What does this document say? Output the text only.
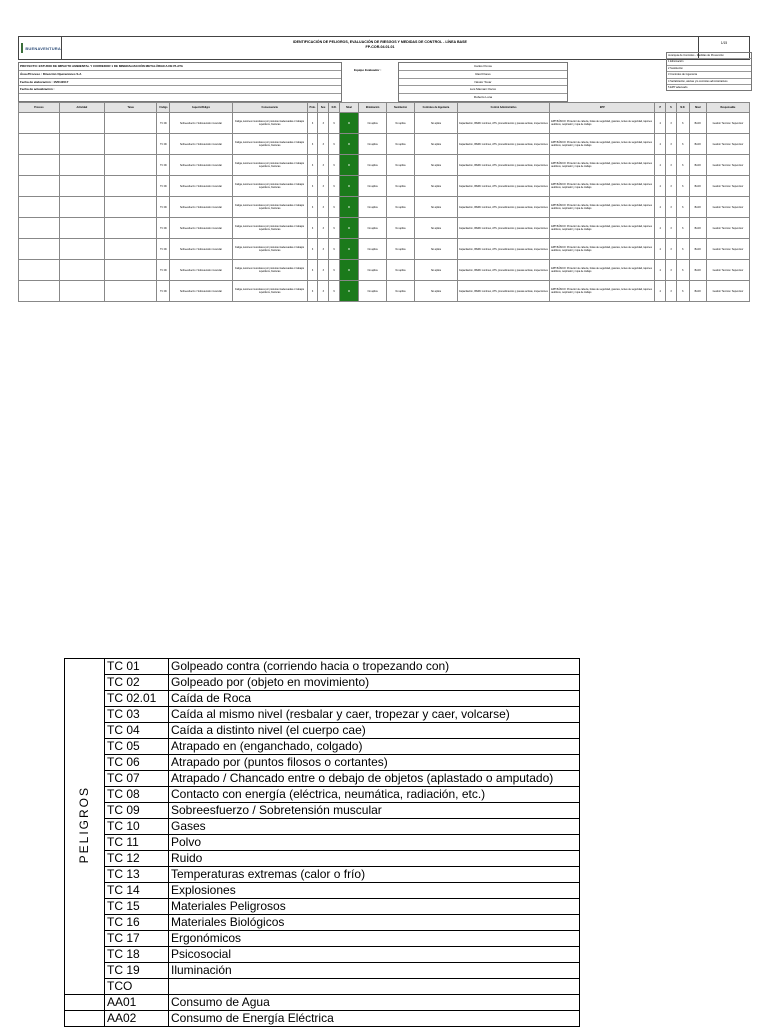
BUENAVENTURA
IDENTIFICACIÓN DE PELIGROS, EVALUACIÓN DE RIESGOS Y MEDIDAS DE CONTROL - LÍNEA BASE
FP-COR-04.01.01
1/15
PROYECTO: ESTUDIO DE IMPACTO AMBIENTAL Y CORREDOR 1 DE MINERALIZACIÓN METALÚRGICA DE PLATA
Área /Proceso : Dirección Operaciones S.A
Fecha de elaboración : 15/01/2017
Fecha de actualización :
Equipo Evaluador :
Carlos Ponce
Raúl Flores
Néstor Tovar
Luis Mamani Oscco
Roberto Luna
Jerarquía de Controles - Medidas de Prevención
1 Eliminación
2 Sustitución
3 Controles de Ingeniería
4 Señalización, alertas y/o controles administrativos
5 EPP adecuado
Proceso	Actividad	Tarea	Código	Aspecto/Peligro	Consecuencia	Prob.	Sev.	N.R.	Nivel	Eliminación	Sustitución	Controles de Ingeniería	Control Administrativo	EPP	P	S	N.R.	Nivel	Responsable
			TC 09	Sobreesfuerzo / Sobretensión muscular	Fatiga, lesiones musculares por posturas inadecuadas o trabajos repetitivos, fracturas	3	3	9	M	No aplica	No aplica	No aplica	Capacitación, IPERC continuo, ATS, procedimientos y pausas activas, inspecciones	EPP BÁSICO: Protector de cabeza, botas de seguridad, guantes, lentes de seguridad, tapones auditivos, respirador y ropa de trabajo	2	3	6	BAJO	Gestión Técnica / Supervisor
			TC 09	Sobreesfuerzo / Sobretensión muscular	Fatiga, lesiones musculares por posturas inadecuadas o trabajos repetitivos, fracturas	3	3	9	M	No aplica	No aplica	No aplica	Capacitación, IPERC continuo, ATS, procedimientos y pausas activas, inspecciones	EPP BÁSICO: Protector de cabeza, botas de seguridad, guantes, lentes de seguridad, tapones auditivos, respirador y ropa de trabajo	2	3	6	BAJO	Gestión Técnica / Supervisor
			TC 09	Sobreesfuerzo / Sobretensión muscular	Fatiga, lesiones musculares por posturas inadecuadas o trabajos repetitivos, fracturas	3	3	9	M	No aplica	No aplica	No aplica	Capacitación, IPERC continuo, ATS, procedimientos y pausas activas, inspecciones	EPP BÁSICO: Protector de cabeza, botas de seguridad, guantes, lentes de seguridad, tapones auditivos, respirador y ropa de trabajo	2	3	6	BAJO	Gestión Técnica / Supervisor
			TC 09	Sobreesfuerzo / Sobretensión muscular	Fatiga, lesiones musculares por posturas inadecuadas o trabajos repetitivos, fracturas	3	3	9	M	No aplica	No aplica	No aplica	Capacitación, IPERC continuo, ATS, procedimientos y pausas activas, inspecciones	EPP BÁSICO: Protector de cabeza, botas de seguridad, guantes, lentes de seguridad, tapones auditivos, respirador y ropa de trabajo	2	3	6	BAJO	Gestión Técnica / Supervisor
			TC 09	Sobreesfuerzo / Sobretensión muscular	Fatiga, lesiones musculares por posturas inadecuadas o trabajos repetitivos, fracturas	3	3	9	M	No aplica	No aplica	No aplica	Capacitación, IPERC continuo, ATS, procedimientos y pausas activas, inspecciones	EPP BÁSICO: Protector de cabeza, botas de seguridad, guantes, lentes de seguridad, tapones auditivos, respirador y ropa de trabajo	2	3	6	BAJO	Gestión Técnica / Supervisor
			TC 09	Sobreesfuerzo / Sobretensión muscular	Fatiga, lesiones musculares por posturas inadecuadas o trabajos repetitivos, fracturas	3	3	9	M	No aplica	No aplica	No aplica	Capacitación, IPERC continuo, ATS, procedimientos y pausas activas, inspecciones	EPP BÁSICO: Protector de cabeza, botas de seguridad, guantes, lentes de seguridad, tapones auditivos, respirador y ropa de trabajo	2	3	6	BAJO	Gestión Técnica / Supervisor
			TC 09	Sobreesfuerzo / Sobretensión muscular	Fatiga, lesiones musculares por posturas inadecuadas o trabajos repetitivos, fracturas	3	3	9	M	No aplica	No aplica	No aplica	Capacitación, IPERC continuo, ATS, procedimientos y pausas activas, inspecciones	EPP BÁSICO: Protector de cabeza, botas de seguridad, guantes, lentes de seguridad, tapones auditivos, respirador y ropa de trabajo	2	3	6	BAJO	Gestión Técnica / Supervisor
			TC 09	Sobreesfuerzo / Sobretensión muscular	Fatiga, lesiones musculares por posturas inadecuadas o trabajos repetitivos, fracturas	3	3	9	M	No aplica	No aplica	No aplica	Capacitación, IPERC continuo, ATS, procedimientos y pausas activas, inspecciones	EPP BÁSICO: Protector de cabeza, botas de seguridad, guantes, lentes de seguridad, tapones auditivos, respirador y ropa de trabajo	2	3	6	BAJO	Gestión Técnica / Supervisor
			TC 09	Sobreesfuerzo / Sobretensión muscular	Fatiga, lesiones musculares por posturas inadecuadas o trabajos repetitivos, fracturas	3	3	9	M	No aplica	No aplica	No aplica	Capacitación, IPERC continuo, ATS, procedimientos y pausas activas, inspecciones	EPP BÁSICO: Protector de cabeza, botas de seguridad, guantes, lentes de seguridad, tapones auditivos, respirador y ropa de trabajo	2	3	6	BAJO	Gestión Técnica / Supervisor
PELIGROS	TC 01	Golpeado contra (corriendo hacia o tropezando con)
	TC 02	Golpeado por (objeto en movimiento)
	TC 02.01	Caída de Roca
	TC 03	Caída al mismo nivel (resbalar y caer, tropezar y caer, volcarse)
	TC 04	Caída a distinto nivel (el cuerpo cae)
	TC 05	Atrapado en (enganchado, colgado)
	TC 06	Atrapado por (puntos filosos o cortantes)
	TC 07	Atrapado / Chancado entre o debajo de objetos (aplastado o amputado)
	TC 08	Contacto con energía (eléctrica, neumática, radiación, etc.)
	TC 09	Sobreesfuerzo / Sobretensión muscular
	TC 10	Gases
	TC 11	Polvo
	TC 12	Ruido
	TC 13	Temperaturas extremas (calor o frío)
	TC 14	Explosiones
	TC 15	Materiales Peligrosos
	TC 16	Materiales Biológicos
	TC 17	Ergonómicos
	TC 18	Psicosocial
	TC 19	Iluminación
	TCO	
	AA01	Consumo de Agua
	AA02	Consumo de Energía Eléctrica
